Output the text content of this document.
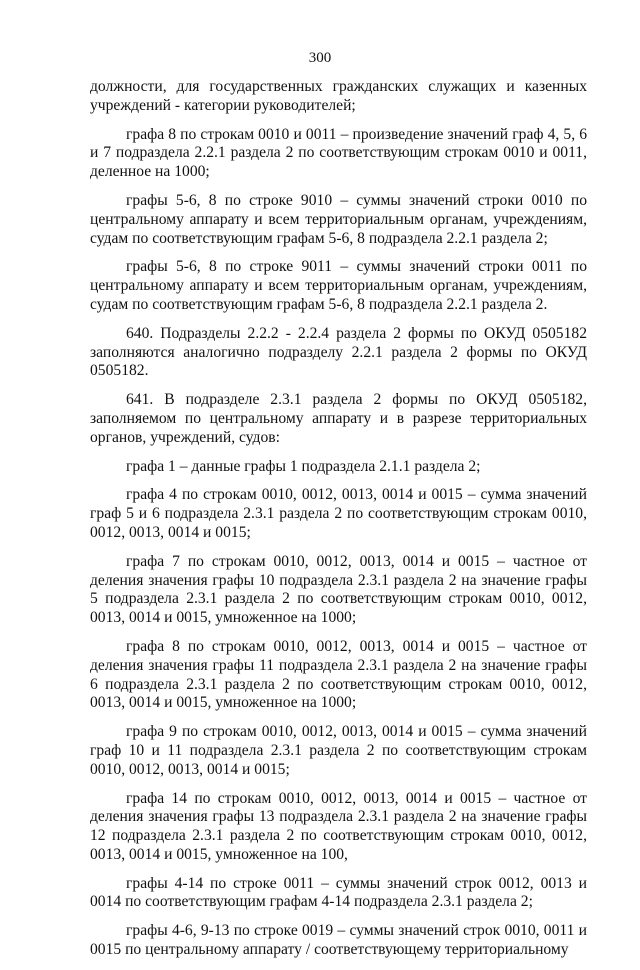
300

должности, для государственных гражданских служащих и казенных учреждений - категории руководителей;

графа 8 по строкам 0010 и 0011 – произведение значений граф 4, 5, 6 и 7 подраздела 2.2.1 раздела 2 по соответствующим строкам 0010 и 0011, деленное на 1000;

графы 5-6, 8 по строке 9010 – суммы значений строки 0010 по центральному аппарату и всем территориальным органам, учреждениям, судам по соответствующим графам 5-6, 8 подраздела 2.2.1 раздела 2;

графы 5-6, 8 по строке 9011 – суммы значений строки 0011 по центральному аппарату и всем территориальным органам, учреждениям, судам по соответствующим графам 5-6, 8 подраздела 2.2.1 раздела 2.

640. Подразделы 2.2.2 - 2.2.4 раздела 2 формы по ОКУД 0505182 заполняются аналогично подразделу 2.2.1 раздела 2 формы по ОКУД 0505182.

641. В подразделе 2.3.1 раздела 2 формы по ОКУД 0505182, заполняемом по центральному аппарату и в разрезе территориальных органов, учреждений, судов:

графа 1 – данные графы 1 подраздела 2.1.1 раздела 2;

графа 4 по строкам 0010, 0012, 0013, 0014 и 0015 – сумма значений граф 5 и 6 подраздела 2.3.1 раздела 2 по соответствующим строкам 0010, 0012, 0013, 0014 и 0015;

графа 7 по строкам 0010, 0012, 0013, 0014 и 0015 – частное от деления значения графы 10 подраздела 2.3.1 раздела 2 на значение графы 5 подраздела 2.3.1 раздела 2 по соответствующим строкам 0010, 0012, 0013, 0014 и 0015, умноженное на 1000;

графа 8 по строкам 0010, 0012, 0013, 0014 и 0015 – частное от деления значения графы 11 подраздела 2.3.1 раздела 2 на значение графы 6 подраздела 2.3.1 раздела 2 по соответствующим строкам 0010, 0012, 0013, 0014 и 0015, умноженное на 1000;

графа 9 по строкам 0010, 0012, 0013, 0014 и 0015 – сумма значений граф 10 и 11 подраздела 2.3.1 раздела 2 по соответствующим строкам 0010, 0012, 0013, 0014 и 0015;

графа 14 по строкам 0010, 0012, 0013, 0014 и 0015 – частное от деления значения графы 13 подраздела 2.3.1 раздела 2 на значение графы 12 подраздела 2.3.1 раздела 2 по соответствующим строкам 0010, 0012, 0013, 0014 и 0015, умноженное на 100,

графы 4-14 по строке 0011 – суммы значений строк 0012, 0013 и 0014 по соответствующим графам 4-14 подраздела 2.3.1 раздела 2;

графы 4-6, 9-13 по строке 0019 – суммы значений строк 0010, 0011 и 0015 по центральному аппарату / соответствующему территориальному
